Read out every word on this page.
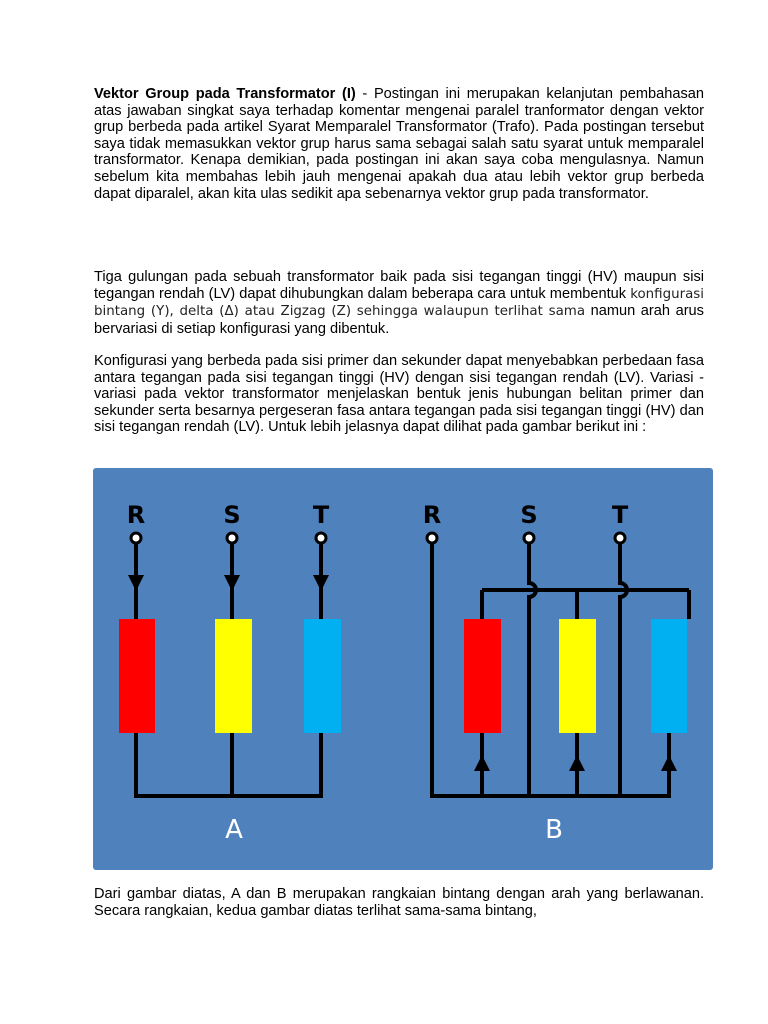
Vektor Group pada Transformator (I) - Postingan ini merupakan kelanjutan pembahasan atas jawaban singkat saya terhadap komentar mengenai paralel tranformator dengan vektor grup berbeda pada artikel Syarat Memparalel Transformator (Trafo). Pada postingan tersebut saya tidak memasukkan vektor grup harus sama sebagai salah satu syarat untuk memparalel transformator. Kenapa demikian, pada postingan ini akan saya coba mengulasnya. Namun sebelum kita membahas lebih jauh mengenai apakah dua atau lebih vektor grup berbeda dapat diparalel, akan kita ulas sedikit apa sebenarnya vektor grup pada transformator.

Tiga gulungan pada sebuah transformator baik pada sisi tegangan tinggi (HV) maupun sisi tegangan rendah (LV) dapat dihubungkan dalam beberapa cara untuk membentuk konfigurasi bintang (Y), delta (Δ) atau Zigzag (Z) sehingga walaupun terlihat sama namun arah arus bervariasi di setiap konfigurasi yang dibentuk.

Konfigurasi yang berbeda pada sisi primer dan sekunder dapat menyebabkan perbedaan fasa antara tegangan pada sisi tegangan tinggi (HV) dengan sisi tegangan rendah (LV). Variasi - variasi pada vektor transformator menjelaskan bentuk jenis hubungan belitan primer dan sekunder serta besarnya pergeseran fasa antara tegangan pada sisi tegangan tinggi (HV) dan sisi tegangan rendah (LV). Untuk lebih jelasnya dapat dilihat pada gambar berikut ini :

R	S	T
A
R	S	T
B

Dari gambar diatas, A dan B merupakan rangkaian bintang dengan arah yang berlawanan. Secara rangkaian, kedua gambar diatas terlihat sama-sama bintang,
